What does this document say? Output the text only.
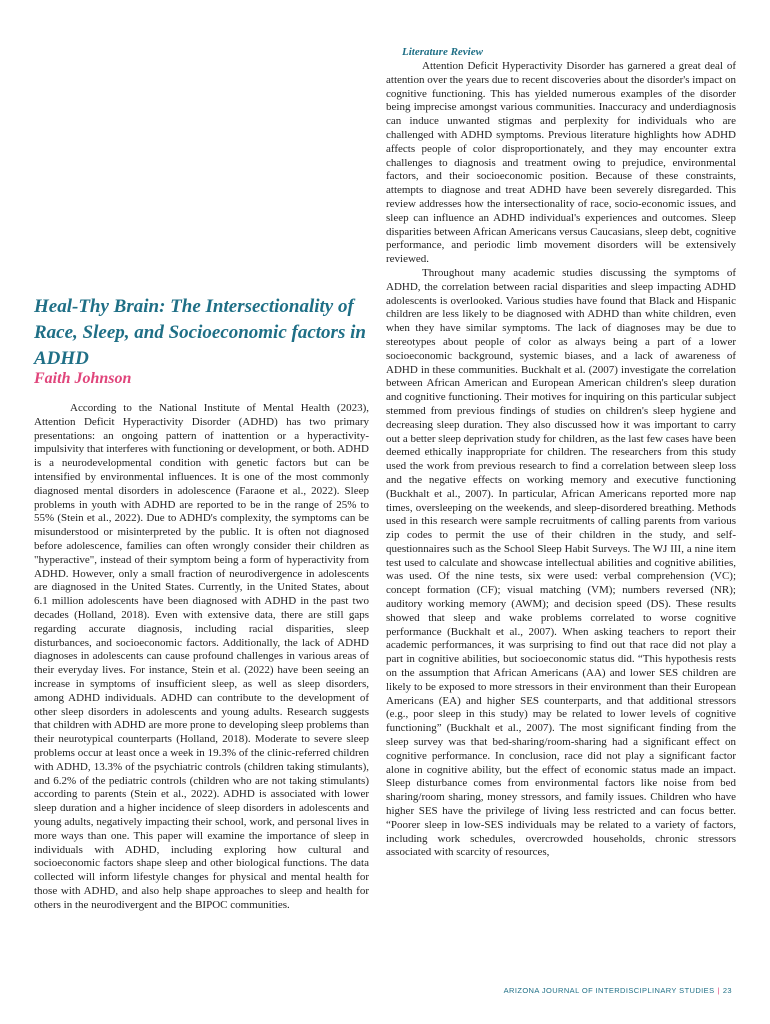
Heal-Thy Brain: The Intersectionality of Race, Sleep, and Socioeconomic factors in ADHD

Faith Johnson

According to the National Institute of Mental Health (2023), Attention Deficit Hyperactivity Disorder (ADHD) has two primary presentations: an ongoing pattern of inattention or a hyperactivity-impulsivity that interferes with functioning or development, or both. ADHD is a neurodevelopmental condition with genetic factors but can be intensified by environmental influences. It is one of the most commonly diagnosed mental disorders in adolescence (Faraone et al., 2022). Sleep problems in youth with ADHD are reported to be in the range of 25% to 55% (Stein et al., 2022). Due to ADHD's complexity, the symptoms can be misunderstood or misinterpreted by the public. It is often not diagnosed before adolescence, families can often wrongly consider their children as "hyperactive", instead of their symptom being a form of hyperactivity from ADHD. However, only a small fraction of neurodivergence in adolescents are diagnosed in the United States. Currently, in the United States, about 6.1 million adolescents have been diagnosed with ADHD in the past two decades (Holland, 2018). Even with extensive data, there are still gaps regarding accurate diagnosis, including racial disparities, sleep disturbances, and socioeconomic factors. Additionally, the lack of ADHD diagnoses in adolescents can cause profound challenges in various areas of their everyday lives. For instance, Stein et al. (2022) have been seeing an increase in symptoms of insufficient sleep, as well as sleep disorders, among ADHD individuals. ADHD can contribute to the development of other sleep disorders in adolescents and young adults. Research suggests that children with ADHD are more prone to developing sleep problems than their neurotypical counterparts (Holland, 2018). Moderate to severe sleep problems occur at least once a week in 19.3% of the clinic-referred children with ADHD, 13.3% of the psychiatric controls (children taking stimulants), and 6.2% of the pediatric controls (children who are not taking stimulants) according to parents (Stein et al., 2022). ADHD is associated with lower sleep duration and a higher incidence of sleep disorders in adolescents and young adults, negatively impacting their school, work, and personal lives in more ways than one. This paper will examine the importance of sleep in individuals with ADHD, including exploring how cultural and socioeconomic factors shape sleep and other biological functions. The data collected will inform lifestyle changes for physical and mental health for those with ADHD, and also help shape approaches to sleep and health for others in the neurodivergent and the BIPOC communities.

Literature Review

Attention Deficit Hyperactivity Disorder has garnered a great deal of attention over the years due to recent discoveries about the disorder's impact on cognitive functioning. This has yielded numerous examples of the disorder being imprecise amongst various communities. Inaccuracy and underdiagnosis can induce unwanted stigmas and perplexity for individuals who are challenged with ADHD symptoms. Previous literature highlights how ADHD affects people of color disproportionately, and they may encounter extra challenges to diagnosis and treatment owing to prejudice, environmental factors, and their socioeconomic position. Because of these constraints, attempts to diagnose and treat ADHD have been severely disregarded. This review addresses how the intersectionality of race, socio-economic issues, and sleep can influence an ADHD individual's experiences and outcomes. Sleep disparities between African Americans versus Caucasians, sleep debt, cognitive performance, and periodic limb movement disorders will be extensively reviewed.

Throughout many academic studies discussing the symptoms of ADHD, the correlation between racial disparities and sleep impacting ADHD adolescents is overlooked. Various studies have found that Black and Hispanic children are less likely to be diagnosed with ADHD than white children, even when they have similar symptoms. The lack of diagnoses may be due to stereotypes about people of color as always being a part of a lower socioeconomic background, systemic biases, and a lack of awareness of ADHD in these communities. Buckhalt et al. (2007) investigate the correlation between African American and European American children's sleep duration and cognitive functioning. Their motives for inquiring on this particular subject stemmed from previous findings of studies on children's sleep hygiene and decreasing sleep duration. They also discussed how it was important to carry out a better sleep deprivation study for children, as the last few cases have been deemed ethically inappropriate for children. The researchers from this study used the work from previous research to find a correlation between sleep loss and the negative effects on working memory and executive functioning (Buckhalt et al., 2007). In particular, African Americans reported more nap times, oversleeping on the weekends, and sleep-disordered breathing. Methods used in this research were sample recruitments of calling parents from various zip codes to permit the use of their children in the study, and self-questionnaires such as the School Sleep Habit Surveys. The WJ III, a nine item test used to calculate and showcase intellectual abilities and cognitive abilities, was used. Of the nine tests, six were used: verbal comprehension (VC); concept formation (CF); visual matching (VM); numbers reversed (NR); auditory working memory (AWM); and decision speed (DS). These results showed that sleep and wake problems correlated to worse cognitive performance (Buckhalt et al., 2007). When asking teachers to report their academic performances, it was surprising to find out that race did not play a part in cognitive abilities, but socioeconomic status did. “This hypothesis rests on the assumption that African Americans (AA) and lower SES children are likely to be exposed to more stressors in their environment than their European Americans (EA) and higher SES counterparts, and that additional stressors (e.g., poor sleep in this study) may be related to lower levels of cognitive functioning” (Buckhalt et al., 2007). The most significant finding from the sleep survey was that bed-sharing/room-sharing had a significant effect on cognitive performance. In conclusion, race did not play a significant factor alone in cognitive ability, but the effect of economic status made an impact. Sleep disturbance comes from environmental factors like noise from bed sharing/room sharing, money stressors, and family issues. Children who have higher SES have the privilege of living less restricted and can focus better. “Poorer sleep in low-SES individuals may be related to a variety of factors, including work schedules, overcrowded households, chronic stressors associated with scarcity of resources,

ARIZONA JOURNAL OF INTERDISCIPLINARY STUDIES | 23
